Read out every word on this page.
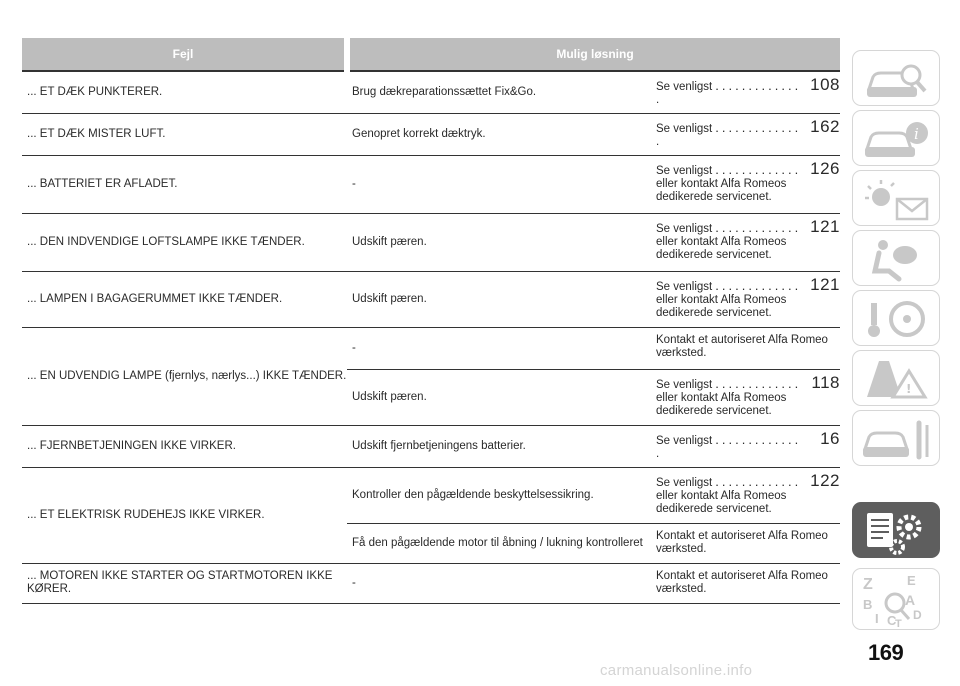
Fejl	Mulig løsning	
... ET DÆK PUNKTERER.	Brug dækreparationssættet Fix&Go.	Se venligst ............. 108
.

... ET DÆK MISTER LUFT.	Genopret korrekt dæktryk.	Se venligst ............. 162
.

... BATTERIET ER AFLADET.	-	Se venligst ............. 126
eller kontakt Alfa Romeos dedikerede servicenet.

... DEN INDVENDIGE LOFTSLAMPE IKKE TÆNDER.	Udskift pæren.	Se venligst ............. 121
eller kontakt Alfa Romeos dedikerede servicenet.

... LAMPEN I BAGAGERUMMET IKKE TÆNDER.	Udskift pæren.	Se venligst ............. 121
eller kontakt Alfa Romeos dedikerede servicenet.

... EN UDVENDIG LAMPE (fjernlys, nærlys...) IKKE TÆNDER.	-	Kontakt et autoriseret Alfa Romeo værksted.
	Udskift pæren.	Se venligst ............. 118
eller kontakt Alfa Romeos dedikerede servicenet.

... FJERNBETJENINGEN IKKE VIRKER.	Udskift fjernbetjeningens batterier.	Se venligst ............. 16
.

... ET ELEKTRISK RUDEHEJS IKKE VIRKER.	Kontroller den pågældende beskyttelsessikring.	Se venligst ............. 122
eller kontakt Alfa Romeos dedikerede servicenet.

	Få den pågældende motor til åbning / lukning kontrolleret	Kontakt et autoriseret Alfa Romeo værksted.
... MOTOREN IKKE STARTER OG STARTMOTOREN IKKE KØRER.	-	Kontakt et autoriseret Alfa Romeo værksted.
i
!
Z	E
B A
I C D
T
169
carmanualsonline.info
